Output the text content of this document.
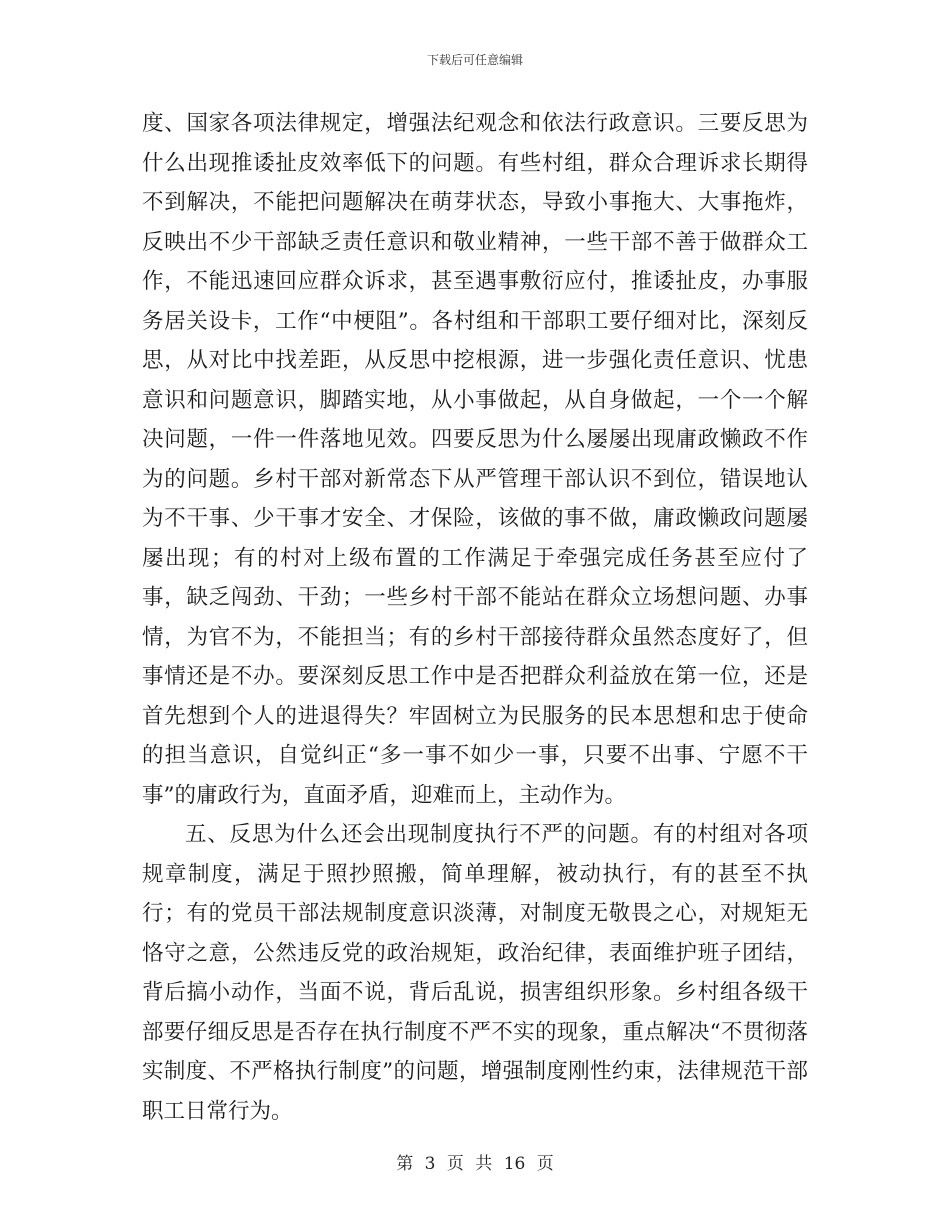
下载后可任意编辑

度、国家各项法律规定，增强法纪观念和依法行政意识。三要反思为什么出现推诿扯皮效率低下的问题。有些村组，群众合理诉求长期得不到解决，不能把问题解决在萌芽状态，导致小事拖大、大事拖炸，反映出不少干部缺乏责任意识和敬业精神，一些干部不善于做群众工作，不能迅速回应群众诉求，甚至遇事敷衍应付，推诿扯皮，办事服务居关设卡，工作“中梗阻”。各村组和干部职工要仔细对比，深刻反思，从对比中找差距，从反思中挖根源，进一步强化责任意识、忧患意识和问题意识，脚踏实地，从小事做起，从自身做起，一个一个解决问题，一件一件落地见效。四要反思为什么屡屡出现庸政懒政不作为的问题。乡村干部对新常态下从严管理干部认识不到位，错误地认为不干事、少干事才安全、才保险，该做的事不做，庸政懒政问题屡屡出现；有的村对上级布置的工作满足于牵强完成任务甚至应付了事，缺乏闯劲、干劲；一些乡村干部不能站在群众立场想问题、办事情，为官不为，不能担当；有的乡村干部接待群众虽然态度好了，但事情还是不办。要深刻反思工作中是否把群众利益放在第一位，还是首先想到个人的进退得失？牢固树立为民服务的民本思想和忠于使命的担当意识，自觉纠正“多一事不如少一事，只要不出事、宁愿不干事”的庸政行为，直面矛盾，迎难而上，主动作为。

五、反思为什么还会出现制度执行不严的问题。有的村组对各项规章制度，满足于照抄照搬，简单理解，被动执行，有的甚至不执行；有的党员干部法规制度意识淡薄，对制度无敬畏之心，对规矩无恪守之意，公然违反党的政治规矩，政治纪律，表面维护班子团结，背后搞小动作，当面不说，背后乱说，损害组织形象。乡村组各级干部要仔细反思是否存在执行制度不严不实的现象，重点解决“不贯彻落实制度、不严格执行制度”的问题，增强制度刚性约束，法律规范干部职工日常行为。

第 3 页 共 16 页
